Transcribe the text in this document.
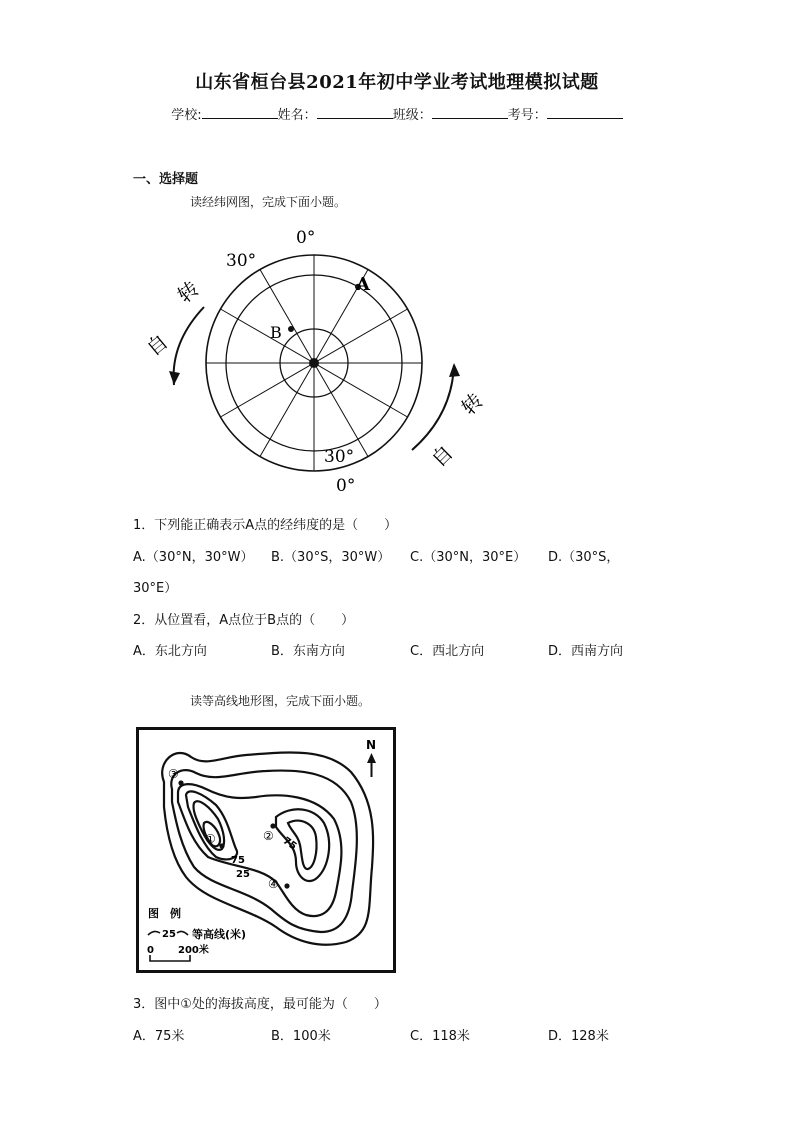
山东省桓台县2021年初中学业考试地理模拟试题
学校:	姓名：	班级：	考号：
一、选择题
读经纬网图，完成下面小题。
0°
30°
30°
0°
A
B
自
转
自
转
1．下列能正确表示A点的经纬度的是（　　）
A.（30°N，30°W） B.（30°S，30°W） C.（30°N，30°E） D.（30°S，
30°E）
2．从位置看，A点位于B点的（　　）
A．东北方向	B．东南方向	C．西北方向	D．西南方向
读等高线地形图，完成下面小题。
75
75
25
①	②
③
④
N
图　例
25 等高线(米)
0 200米
3．图中①处的海拔高度，最可能为（　　）
A．75米	B．100米	C．118米	D．128米
